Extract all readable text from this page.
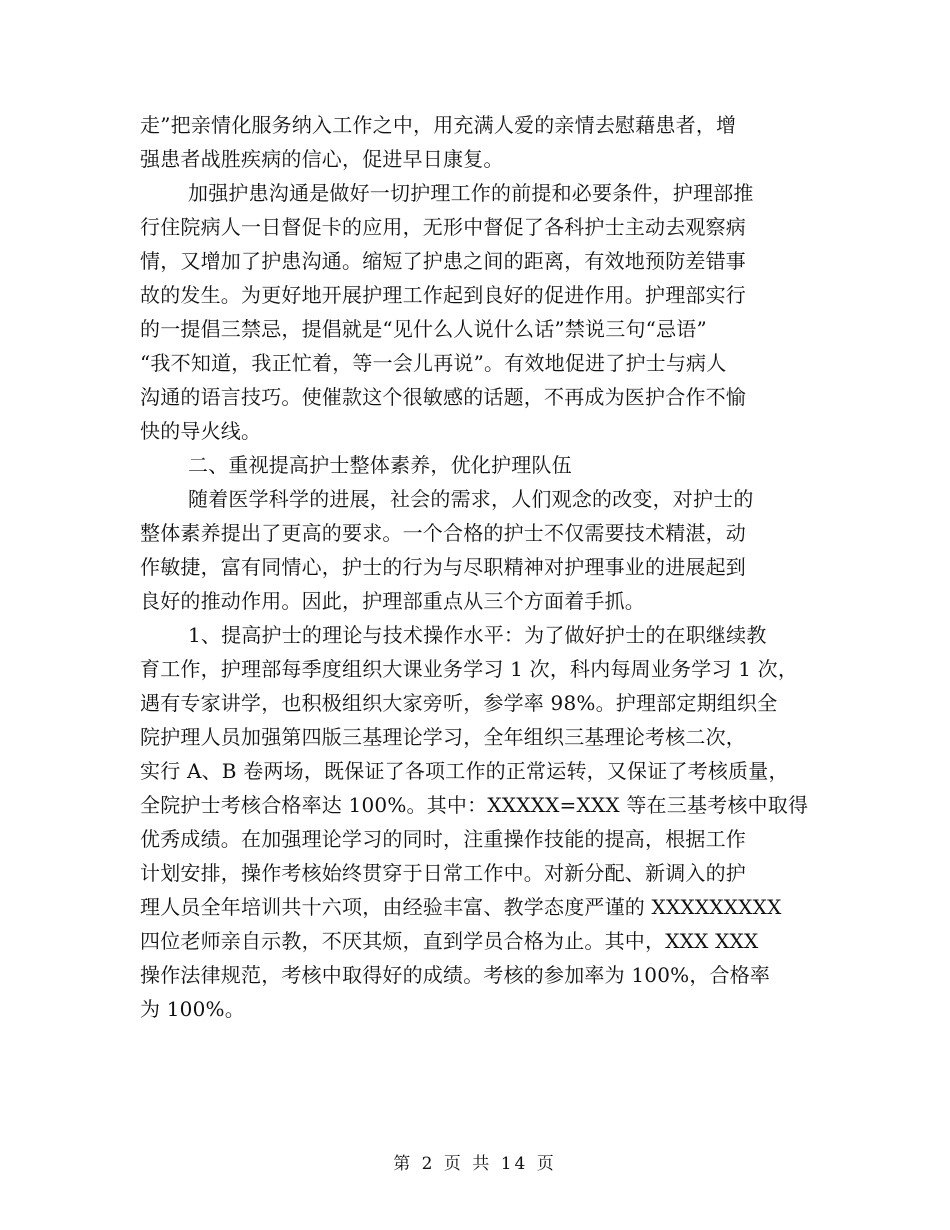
走”把亲情化服务纳入工作之中，用充满人爱的亲情去慰藉患者，增
强患者战胜疾病的信心，促进早日康复。
加强护患沟通是做好一切护理工作的前提和必要条件，护理部推
行住院病人一日督促卡的应用，无形中督促了各科护士主动去观察病
情，又增加了护患沟通。缩短了护患之间的距离，有效地预防差错事
故的发生。为更好地开展护理工作起到良好的促进作用。护理部实行
的一提倡三禁忌，提倡就是“见什么人说什么话”禁说三句“忌语”
“我不知道，我正忙着，等一会儿再说”。有效地促进了护士与病人
沟通的语言技巧。使催款这个很敏感的话题，不再成为医护合作不愉
快的导火线。
二、重视提高护士整体素养，优化护理队伍
随着医学科学的进展，社会的需求，人们观念的改变，对护士的
整体素养提出了更高的要求。一个合格的护士不仅需要技术精湛，动
作敏捷，富有同情心，护士的行为与尽职精神对护理事业的进展起到
良好的推动作用。因此，护理部重点从三个方面着手抓。
1、提高护士的理论与技术操作水平：为了做好护士的在职继续教
育工作，护理部每季度组织大课业务学习 1 次，科内每周业务学习 1 次，
遇有专家讲学，也积极组织大家旁听，参学率 98%。护理部定期组织全
院护理人员加强第四版三基理论学习，全年组织三基理论考核二次，
实行 A、B 卷两场，既保证了各项工作的正常运转，又保证了考核质量，
全院护士考核合格率达 100%。其中：XXXXX=XXX 等在三基考核中取得
优秀成绩。在加强理论学习的同时，注重操作技能的提高，根据工作
计划安排，操作考核始终贯穿于日常工作中。对新分配、新调入的护
理人员全年培训共十六项，由经验丰富、教学态度严谨的 XXXXXXXXX
四位老师亲自示教，不厌其烦，直到学员合格为止。其中，XXX XXX
操作法律规范，考核中取得好的成绩。考核的参加率为 100%，合格率
为 100%。
第 2 页 共 14 页
